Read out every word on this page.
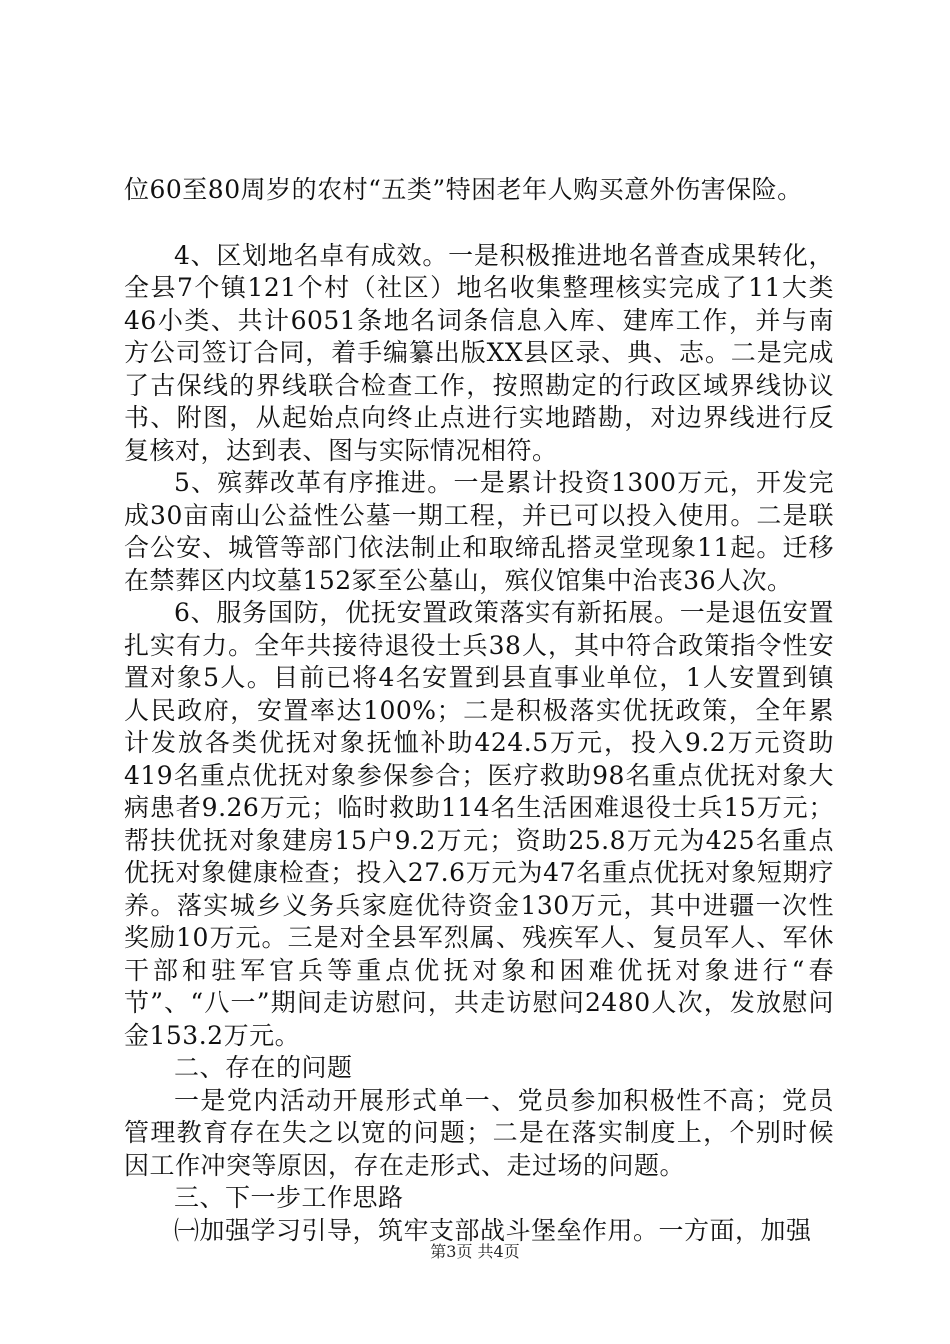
位60至80周岁的农村“五类”特困老年人购买意外伤害保险。

4、区划地名卓有成效。一是积极推进地名普查成果转化，全县7个镇121个村（社区）地名收集整理核实完成了11大类46小类、共计6051条地名词条信息入库、建库工作，并与南方公司签订合同，着手编纂出版XX县区录、典、志。二是完成了古保线的界线联合检查工作，按照勘定的行政区域界线协议书、附图，从起始点向终止点进行实地踏勘，对边界线进行反复核对，达到表、图与实际情况相符。

5、殡葬改革有序推进。一是累计投资1300万元，开发完成30亩南山公益性公墓一期工程，并已可以投入使用。二是联合公安、城管等部门依法制止和取缔乱搭灵堂现象11起。迁移在禁葬区内坟墓152冢至公墓山，殡仪馆集中治丧36人次。

6、服务国防，优抚安置政策落实有新拓展。一是退伍安置扎实有力。全年共接待退役士兵38人，其中符合政策指令性安置对象5人。目前已将4名安置到县直事业单位，1人安置到镇人民政府，安置率达100%；二是积极落实优抚政策，全年累计发放各类优抚对象抚恤补助424.5万元，投入9.2万元资助419名重点优抚对象参保参合；医疗救助98名重点优抚对象大病患者9.26万元；临时救助114名生活困难退役士兵15万元；帮扶优抚对象建房15户9.2万元；资助25.8万元为425名重点优抚对象健康检查；投入27.6万元为47名重点优抚对象短期疗养。落实城乡义务兵家庭优待资金130万元，其中进疆一次性奖励10万元。三是对全县军烈属、残疾军人、复员军人、军休干部和驻军官兵等重点优抚对象和困难优抚对象进行“春节”、“八一”期间走访慰问，共走访慰问2480人次，发放慰问金153.2万元。

二、存在的问题

一是党内活动开展形式单一、党员参加积极性不高；党员管理教育存在失之以宽的问题；二是在落实制度上，个别时候因工作冲突等原因，存在走形式、走过场的问题。

三、下一步工作思路

㈠加强学习引导，筑牢支部战斗堡垒作用。一方面，加强

第3页 共4页
